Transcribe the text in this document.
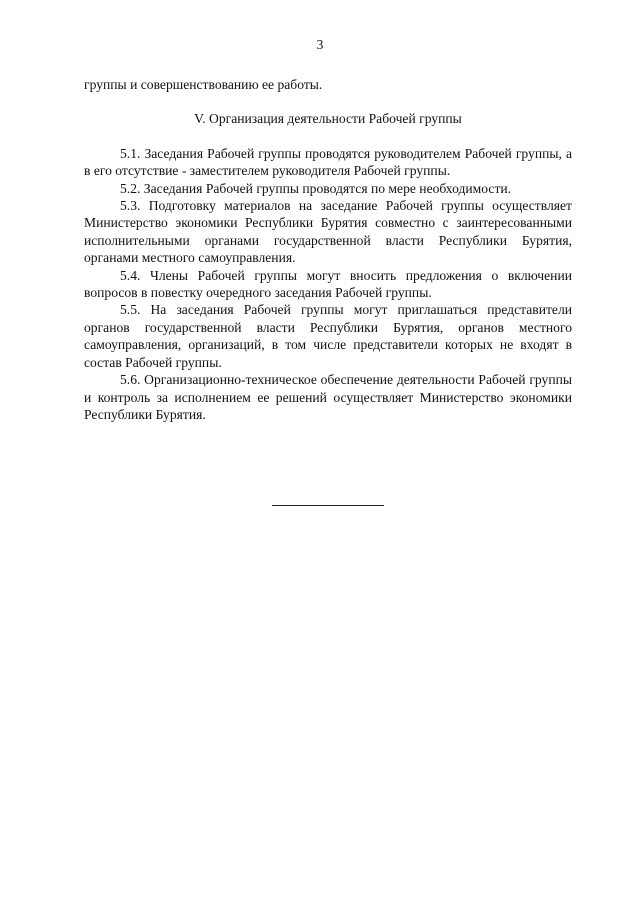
3

группы и совершенствованию ее работы.

V. Организация деятельности Рабочей группы

5.1. Заседания Рабочей группы проводятся руководителем Рабочей группы, а в его отсутствие - заместителем руководителя Рабочей группы.

5.2. Заседания Рабочей группы проводятся по мере необходимости.

5.3. Подготовку материалов на заседание Рабочей группы осуществляет Министерство экономики Республики Бурятия совместно с заинтересованными исполнительными органами государственной власти Республики Бурятия, органами местного самоуправления.

5.4. Члены Рабочей группы могут вносить предложения о включении вопросов в повестку очередного заседания Рабочей группы.

5.5. На заседания Рабочей группы могут приглашаться представители органов государственной власти Республики Бурятия, органов местного самоуправления, организаций, в том числе представители которых не входят в состав Рабочей группы.

5.6. Организационно-техническое обеспечение деятельности Рабочей группы и контроль за исполнением ее решений осуществляет Министерство экономики Республики Бурятия.
